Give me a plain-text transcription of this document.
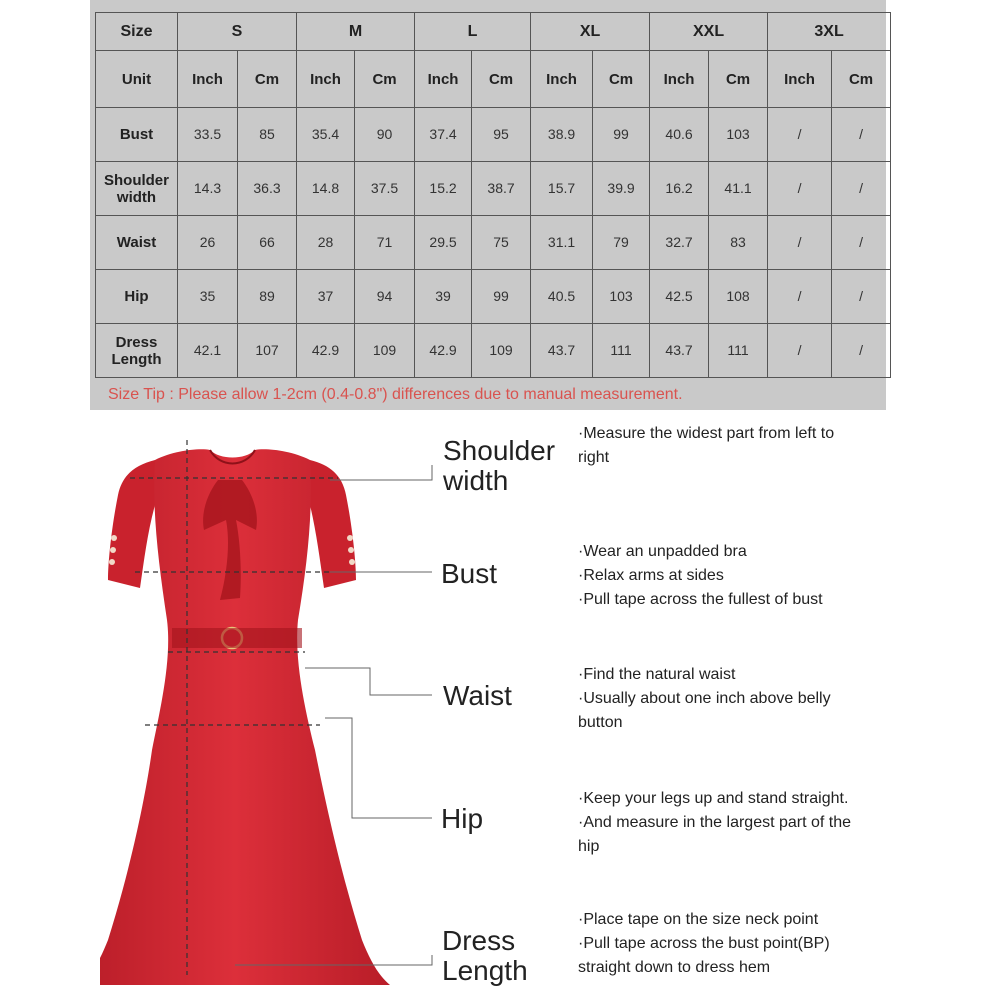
Size	S		M		L		XL		XXL		3XL	
Unit	Inch	Cm	Inch	Cm	Inch	Cm	Inch	Cm	Inch	Cm	Inch	Cm

Bust	33.5	85	35.4	90	37.4	95	38.9	99	40.6	103	/	/

Shoulder
width	14.3	36.3	14.8	37.5	15.2	38.7	15.7	39.9	16.2	41.1	/	/

Waist	26	66	28	71	29.5	75	31.1	79	32.7	83	/	/

Hip	35	89	37	94	39	99	40.5	103	42.5	108	/	/

Dress
Length	42.1	107	42.9	109	42.9	109	43.7	111	43.7	111	/	/
Size Tip : Please allow 1-2cm (0.4-0.8") differences due to manual measurement.
Shoulder
width
Bust
Waist
Hip
Dress
Length
·Measure the widest part from left to
right
·Wear an unpadded bra
·Relax arms at sides
·Pull tape across the fullest of bust
·Find the natural waist
·Usually about one inch above belly
button
·Keep your legs up and stand straight.
·And measure in the largest part of the
hip
·Place tape on the size neck point
·Pull tape across the bust point(BP)
straight down to dress hem
